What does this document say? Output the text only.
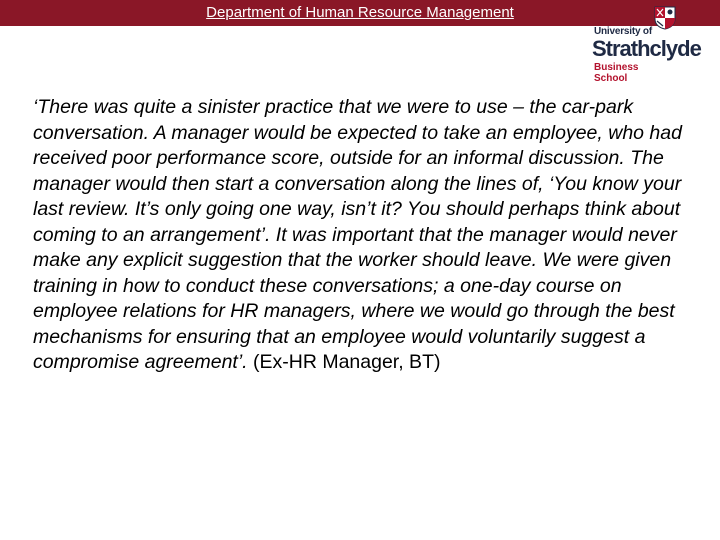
Department of Human Resource Management
University of
Strathclyde
Business
School
‘There was quite a sinister practice that we were to use – the car-park conversation. A manager would be expected to take an employee, who had received poor performance score, outside for an informal discussion. The manager would then start a conversation along the lines of, ‘You know your last review. It’s only going one way, isn’t it? You should perhaps think about coming to an arrangement’. It was important that the manager would never make any explicit suggestion that the worker should leave. We were given training in how to conduct these conversations; a one-day course on employee relations for HR managers, where we would go through the best mechanisms for ensuring that an employee would voluntarily suggest a compromise agreement’. (Ex-HR Manager, BT)
